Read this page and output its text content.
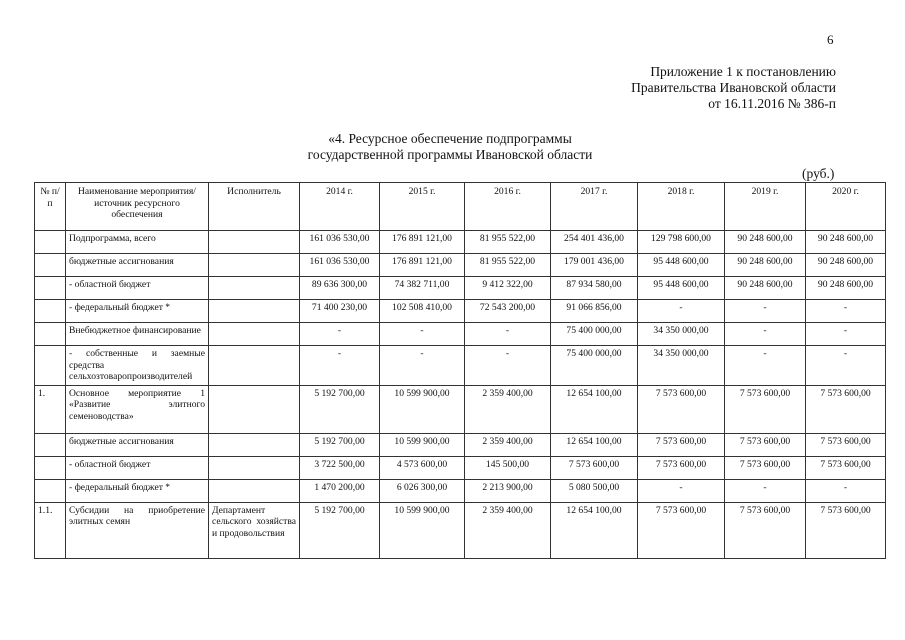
6
Приложение 1 к постановлению
Правительства Ивановской области
от 16.11.2016 № 386-п
«4. Ресурсное обеспечение подпрограммы
государственной программы Ивановской области
(руб.)
№ п/п	Наименование мероприятия/источник ресурсного обеспечения	Исполнитель	2014 г.	2015 г.	2016 г.	2017 г.	2018 г.	2019 г.	2020 г.
	Подпрограмма, всего		161 036 530,00	176 891 121,00	81 955 522,00	254 401 436,00	129 798 600,00	90 248 600,00	90 248 600,00
	бюджетные ассигнования		161 036 530,00	176 891 121,00	81 955 522,00	179 001 436,00	95 448 600,00	90 248 600,00	90 248 600,00
	- областной бюджет		89 636 300,00	74 382 711,00	9 412 322,00	87 934 580,00	95 448 600,00	90 248 600,00	90 248 600,00
	- федеральный бюджет *		71 400 230,00	102 508 410,00	72 543 200,00	91 066 856,00	-	-	-
	Внебюджетное финансирование		-	-	-	75 400 000,00	34 350 000,00	-	-
	- собственные и заемные средства сельхозтоваропроизводителей		-	-	-	75 400 000,00	34 350 000,00	-	-
1.	Основное мероприятие 1 «Развитие элитного семеноводства»		5 192 700,00	10 599 900,00	2 359 400,00	12 654 100,00	7 573 600,00	7 573 600,00	7 573 600,00
	бюджетные ассигнования		5 192 700,00	10 599 900,00	2 359 400,00	12 654 100,00	7 573 600,00	7 573 600,00	7 573 600,00
	- областной бюджет		3 722 500,00	4 573 600,00	145 500,00	7 573 600,00	7 573 600,00	7 573 600,00	7 573 600,00
	- федеральный бюджет *		1 470 200,00	6 026 300,00	2 213 900,00	5 080 500,00	-	-	-
1.1.	Субсидии на приобретение элитных семян	Департамент сельского хозяйства и продовольствия	5 192 700,00	10 599 900,00	2 359 400,00	12 654 100,00	7 573 600,00	7 573 600,00	7 573 600,00
